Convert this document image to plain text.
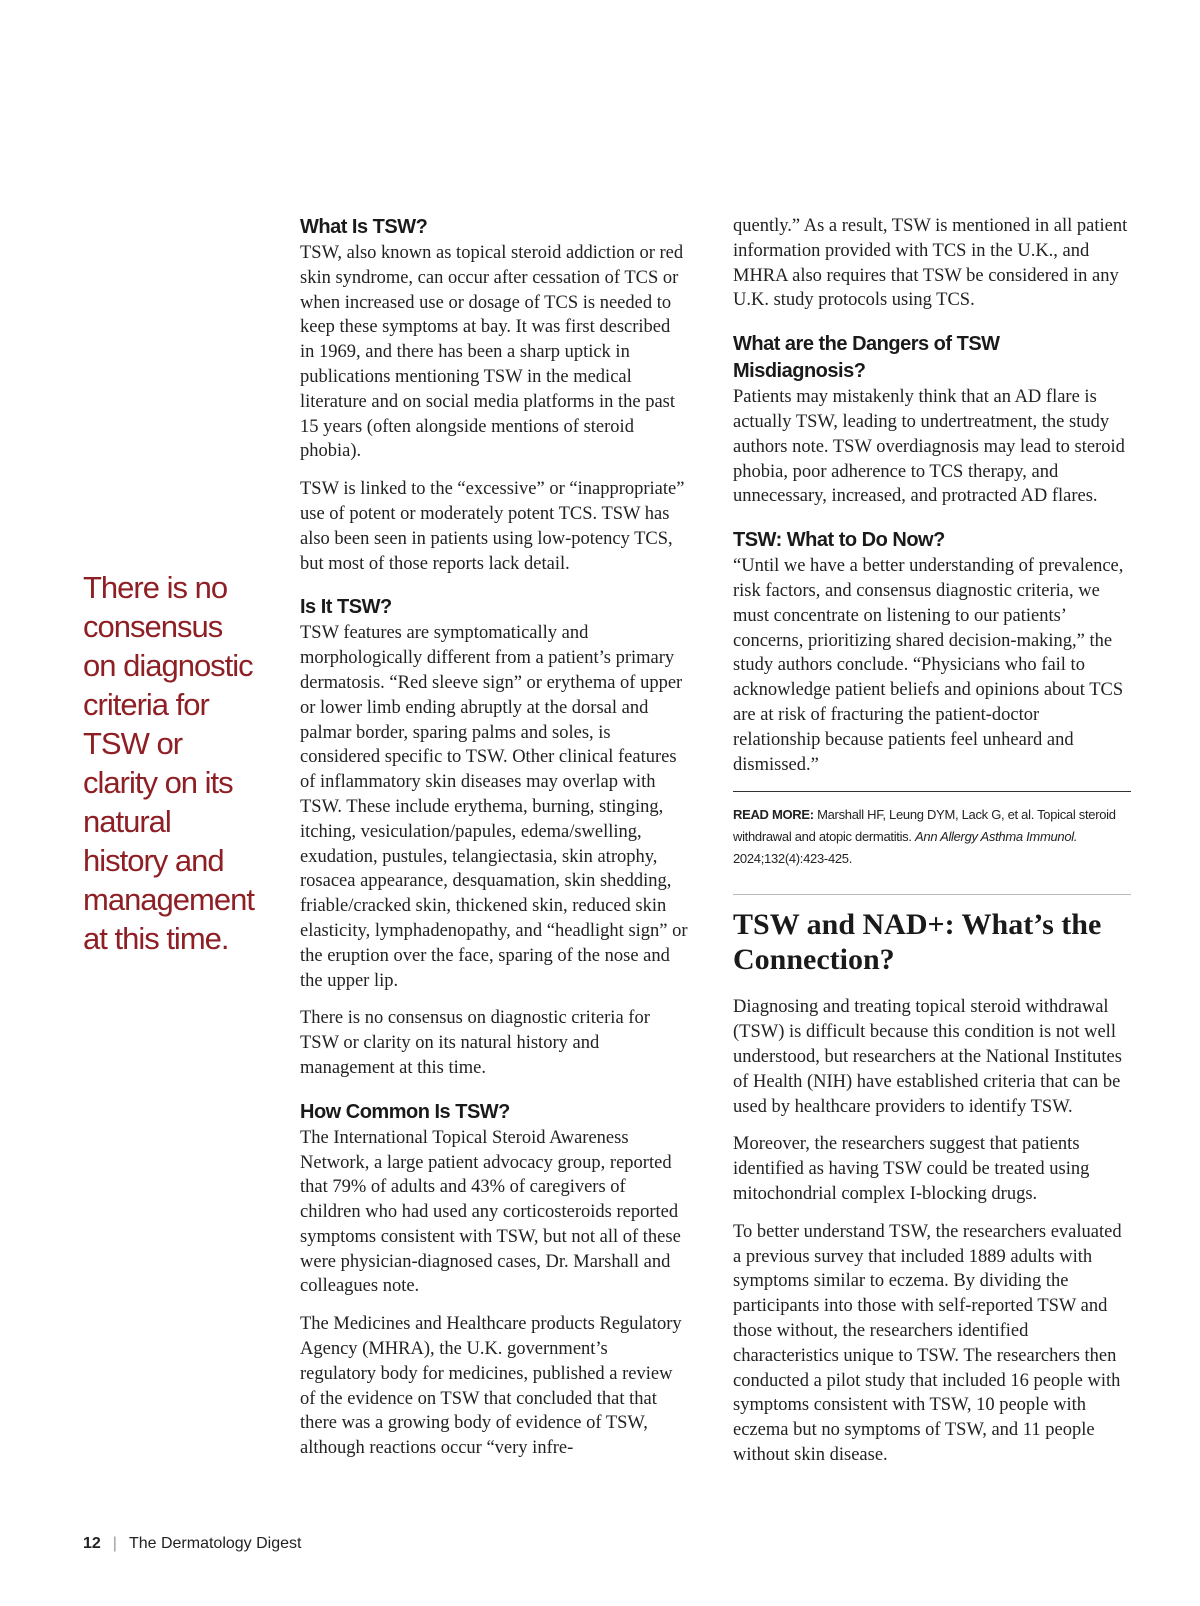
There is no consensus on diagnostic criteria for TSW or clarity on its natural history and management at this time.
What Is TSW?

TSW, also known as topical steroid addiction or red skin syndrome, can occur after cessation of TCS or when increased use or dosage of TCS is needed to keep these symptoms at bay. It was first described in 1969, and there has been a sharp uptick in publications mentioning TSW in the medical literature and on social media platforms in the past 15 years (often alongside mentions of steroid phobia).

TSW is linked to the “excessive” or “inappropriate” use of potent or moderately potent TCS. TSW has also been seen in patients using low-potency TCS, but most of those reports lack detail.

Is It TSW?

TSW features are symptomatically and morphologically different from a patient’s primary dermatosis. “Red sleeve sign” or erythema of upper or lower limb ending abruptly at the dorsal and palmar border, sparing palms and soles, is considered specific to TSW. Other clinical features of inflammatory skin diseases may overlap with TSW. These include erythema, burning, stinging, itching, vesiculation/papules, edema/swelling, exudation, pustules, telangiectasia, skin atrophy, rosacea appearance, desquamation, skin shedding, friable/cracked skin, thickened skin, reduced skin elasticity, lymphadenopathy, and “headlight sign” or the eruption over the face, sparing of the nose and the upper lip.

There is no consensus on diagnostic criteria for TSW or clarity on its natural history and management at this time.

How Common Is TSW?

The International Topical Steroid Awareness Network, a large patient advocacy group, reported that 79% of adults and 43% of caregivers of children who had used any corticosteroids reported symptoms consistent with TSW, but not all of these were physician-diagnosed cases, Dr. Marshall and colleagues note.

The Medicines and Healthcare products Regulatory Agency (MHRA), the U.K. government’s regulatory body for medicines, published a review of the evidence on TSW that concluded that that there was a growing body of evidence of TSW, although reactions occur “very infre-

quently.” As a result, TSW is mentioned in all patient information provided with TCS in the U.K., and MHRA also requires that TSW be considered in any U.K. study protocols using TCS.

What are the Dangers of TSW Misdiagnosis?

Patients may mistakenly think that an AD flare is actually TSW, leading to undertreatment, the study authors note. TSW overdiagnosis may lead to steroid phobia, poor adherence to TCS therapy, and unnecessary, increased, and protracted AD flares.

TSW: What to Do Now?

“Until we have a better understanding of prevalence, risk factors, and consensus diagnostic criteria, we must concentrate on listening to our patients’ concerns, prioritizing shared decision-making,” the study authors conclude. “Physicians who fail to acknowledge patient beliefs and opinions about TCS are at risk of fracturing the patient-doctor relationship because patients feel unheard and dismissed.”

READ MORE: Marshall HF, Leung DYM, Lack G, et al. Topical steroid withdrawal and atopic dermatitis. Ann Allergy Asthma Immunol. 2024;132(4):423-425.
TSW and NAD+: What’s the Connection?

Diagnosing and treating topical steroid withdrawal (TSW) is difficult because this condition is not well understood, but researchers at the National Institutes of Health (NIH) have established criteria that can be used by healthcare providers to identify TSW.

Moreover, the researchers suggest that patients identified as having TSW could be treated using mitochondrial complex I-blocking drugs.

To better understand TSW, the researchers evaluated a previous survey that included 1889 adults with symptoms similar to eczema. By dividing the participants into those with self-reported TSW and those without, the researchers identified characteristics unique to TSW. The researchers then conducted a pilot study that included 16 people with symptoms consistent with TSW, 10 people with eczema but no symptoms of TSW, and 11 people without skin disease.

12 | The Dermatology Digest
